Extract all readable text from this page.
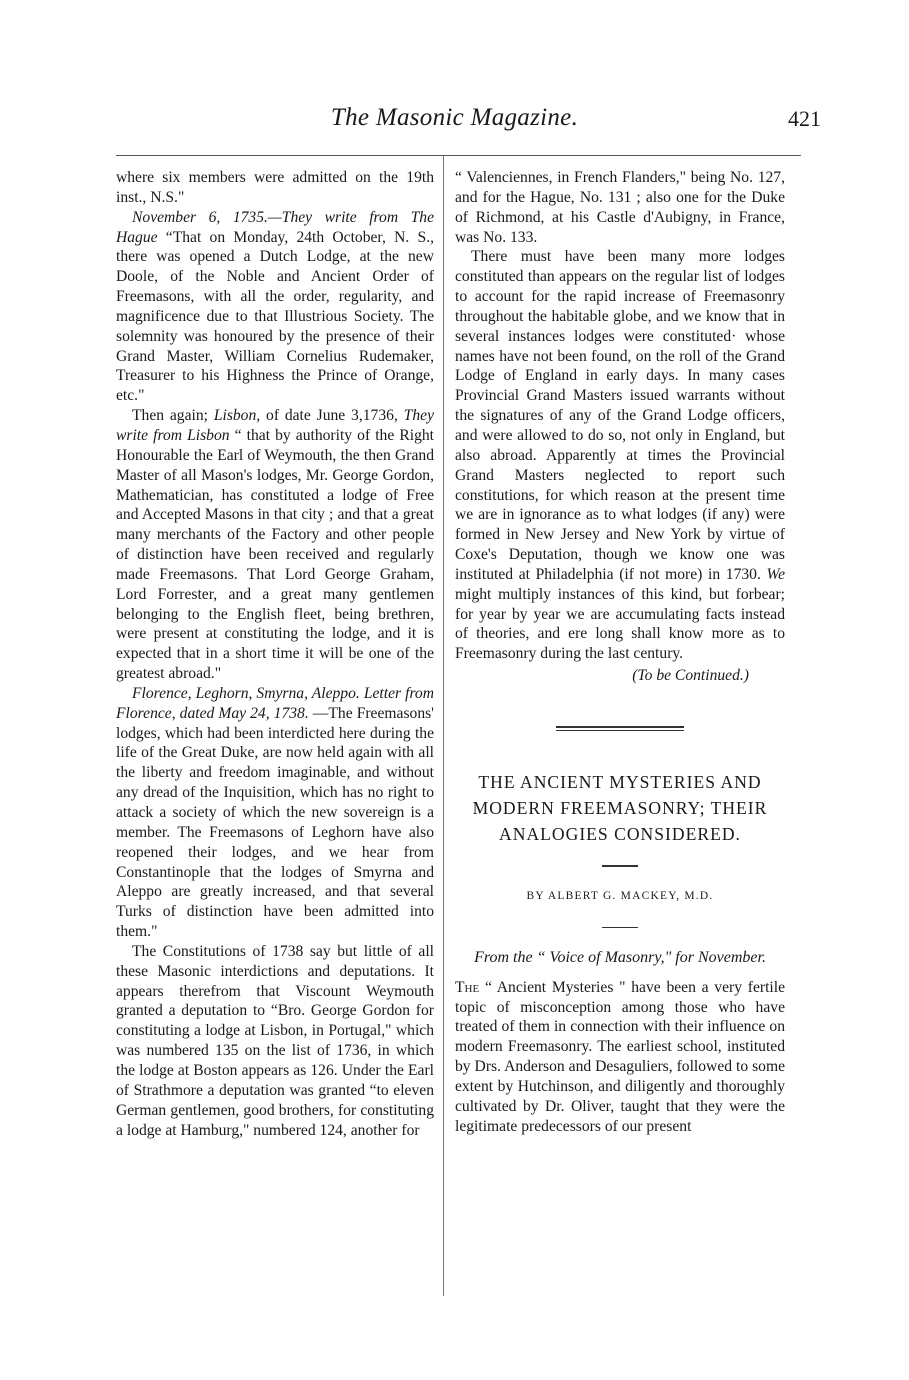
The Masonic Magazine.	421

where six members were admitted on the 19th inst., N.S."

November 6, 1735.—They write from The Hague “That on Monday, 24th October, N. S., there was opened a Dutch Lodge, at the new Doole, of the Noble and Ancient Order of Freemasons, with all the order, regularity, and magnificence due to that Illustrious Society. The solemnity was honoured by the presence of their Grand Master, William Cornelius Rudemaker, Treasurer to his Highness the Prince of Orange, etc."

Then again; Lisbon, of date June 3,1736, They write from Lisbon “ that by authority of the Right Honourable the Earl of Weymouth, the then Grand Master of all Mason's lodges, Mr. George Gordon, Mathematician, has constituted a lodge of Free and Accepted Masons in that city ; and that a great many merchants of the Factory and other people of distinction have been received and regularly made Freemasons. That Lord George Graham, Lord Forrester, and a great many gentlemen belonging to the English fleet, being brethren, were present at constituting the lodge, and it is expected that in a short time it will be one of the greatest abroad."

Florence, Leghorn, Smyrna, Aleppo. Letter from Florence, dated May 24, 1738. —The Freemasons' lodges, which had been interdicted here during the life of the Great Duke, are now held again with all the liberty and freedom imaginable, and without any dread of the Inquisition, which has no right to attack a society of which the new sovereign is a member. The Freemasons of Leghorn have also reopened their lodges, and we hear from Constantinople that the lodges of Smyrna and Aleppo are greatly increased, and that several Turks of distinction have been admitted into them."

The Constitutions of 1738 say but little of all these Masonic interdictions and deputations. It appears therefrom that Viscount Weymouth granted a deputation to “Bro. George Gordon for constituting a lodge at Lisbon, in Portugal," which was numbered 135 on the list of 1736, in which the lodge at Boston appears as 126. Under the Earl of Strathmore a deputation was granted “to eleven German gentlemen, good brothers, for constituting a lodge at Hamburg," numbered 124, another for

“ Valenciennes, in French Flanders," being No. 127, and for the Hague, No. 131 ; also one for the Duke of Richmond, at his Castle d'Aubigny, in France, was No. 133.

There must have been many more lodges constituted than appears on the regular list of lodges to account for the rapid increase of Freemasonry throughout the habitable globe, and we know that in several instances lodges were constituted· whose names have not been found, on the roll of the Grand Lodge of England in early days. In many cases Provincial Grand Masters issued warrants without the signatures of any of the Grand Lodge officers, and were allowed to do so, not only in England, but also abroad. Apparently at times the Provincial Grand Masters neglected to report such constitutions, for which reason at the present time we are in ignorance as to what lodges (if any) were formed in New Jersey and New York by virtue of Coxe's Deputation, though we know one was instituted at Philadelphia (if not more) in 1730. We might multiply instances of this kind, but forbear; for year by year we are accumulating facts instead of theories, and ere long shall know more as to Freemasonry during the last century.

(To be Continued.)

THE ANCIENT MYSTERIES AND MODERN FREEMASONRY; THEIR ANALOGIES CONSIDERED.

BY ALBERT G. MACKEY, M.D.

From the “ Voice of Masonry," for November.

The “ Ancient Mysteries " have been a very fertile topic of misconception among those who have treated of them in connection with their influence on modern Freemasonry. The earliest school, instituted by Drs. Anderson and Desaguliers, followed to some extent by Hutchinson, and diligently and thoroughly cultivated by Dr. Oliver, taught that they were the legitimate predecessors of our present
